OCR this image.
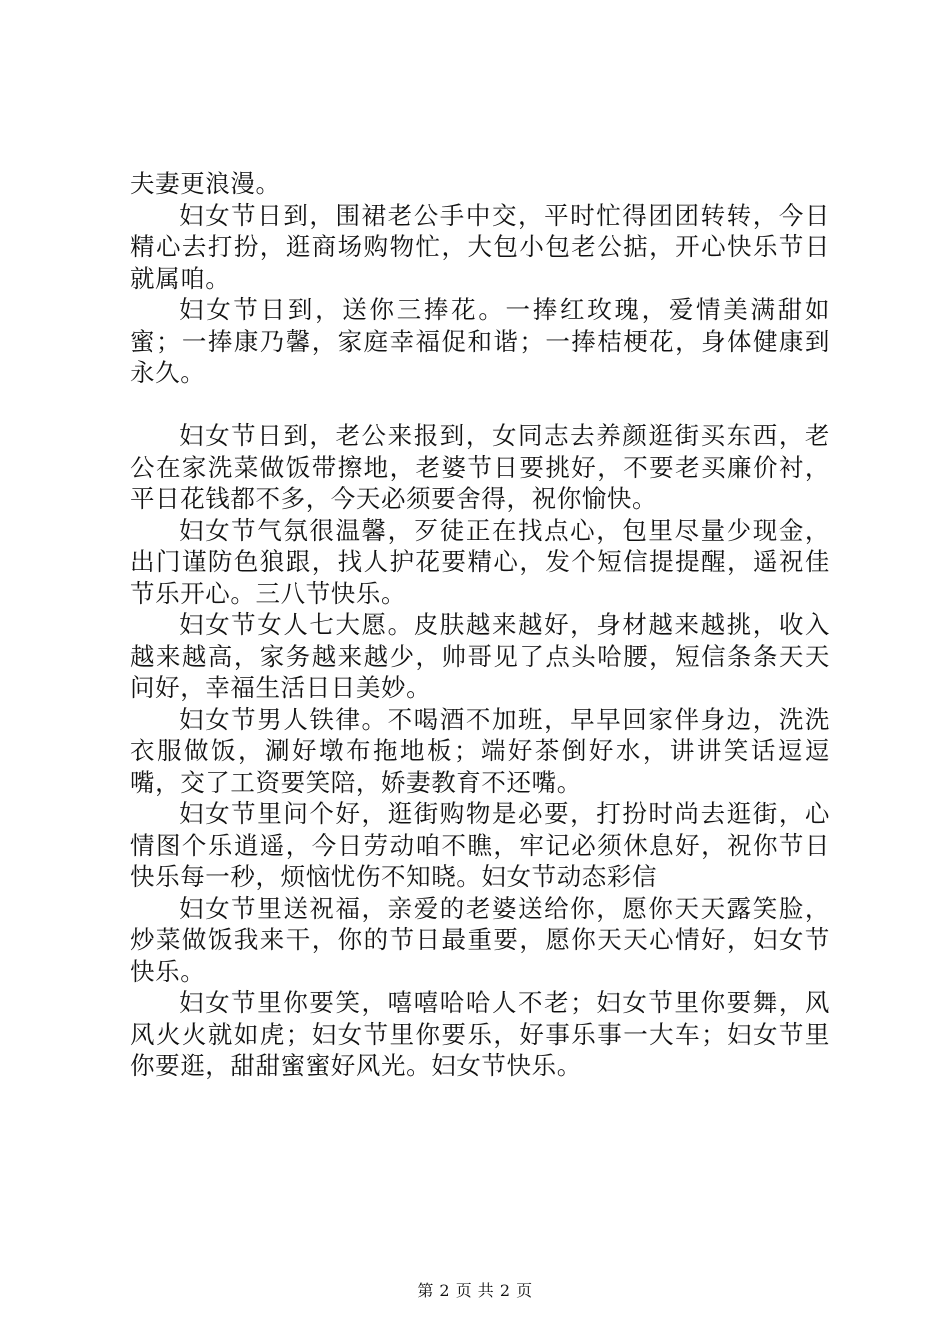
夫妻更浪漫。

妇女节日到，围裙老公手中交，平时忙得团团转转，今日精心去打扮，逛商场购物忙，大包小包老公掂，开心快乐节日就属咱。

妇女节日到，送你三捧花。一捧红玫瑰，爱情美满甜如蜜；一捧康乃馨，家庭幸福促和谐；一捧桔梗花，身体健康到永久。

妇女节日到，老公来报到，女同志去养颜逛街买东西，老公在家洗菜做饭带擦地，老婆节日要挑好，不要老买廉价衬，平日花钱都不多，今天必须要舍得，祝你愉快。

妇女节气氛很温馨，歹徒正在找点心，包里尽量少现金，出门谨防色狼跟，找人护花要精心，发个短信提提醒，遥祝佳节乐开心。三八节快乐。

妇女节女人七大愿。皮肤越来越好，身材越来越挑，收入越来越高，家务越来越少，帅哥见了点头哈腰，短信条条天天问好，幸福生活日日美妙。

妇女节男人铁律。不喝酒不加班，早早回家伴身边，洗洗衣服做饭，涮好墩布拖地板；端好茶倒好水，讲讲笑话逗逗嘴，交了工资要笑陪，娇妻教育不还嘴。

妇女节里问个好，逛街购物是必要，打扮时尚去逛街，心情图个乐逍遥，今日劳动咱不瞧，牢记必须休息好，祝你节日快乐每一秒，烦恼忧伤不知晓。妇女节动态彩信

妇女节里送祝福，亲爱的老婆送给你，愿你天天露笑脸，炒菜做饭我来干，你的节日最重要，愿你天天心情好，妇女节快乐。

妇女节里你要笑，嘻嘻哈哈人不老；妇女节里你要舞，风风火火就如虎；妇女节里你要乐，好事乐事一大车；妇女节里你要逛，甜甜蜜蜜好风光。妇女节快乐。

第 2 页 共 2 页
